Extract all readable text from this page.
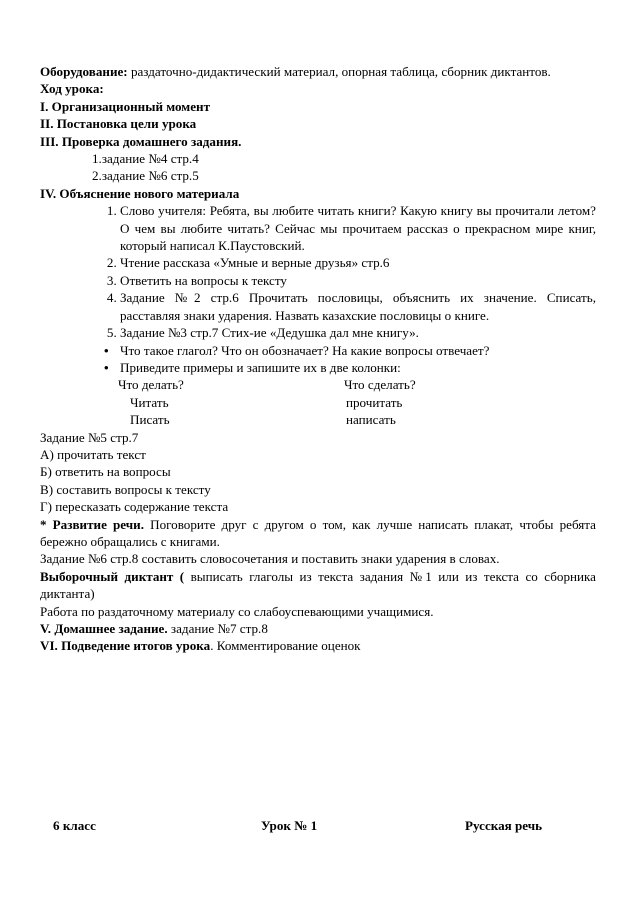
Оборудование: раздаточно-дидактический материал, опорная таблица, сборник диктантов.

Ход урока:

I. Организационный момент

II. Постановка цели урока

III. Проверка домашнего задания.

1.задание №4 стр.4

2.задание №6 стр.5

IV. Объяснение нового материала

1. Слово учителя: Ребята, вы любите читать книги? Какую книгу вы прочитали летом? О чем вы любите читать? Сейчас мы прочитаем рассказ о прекрасном мире книг, который написал К.Паустовский.
2. Чтение рассказа «Умные и верные друзья» стр.6
3. Ответить на вопросы к тексту
4. Задание №2 стр.6 Прочитать пословицы, объяснить их значение. Списать, расставляя знаки ударения. Назвать казахские пословицы о книге.
5. Задание №3 стр.7 Стих-ие «Дедушка дал мне книгу».
• Что такое глагол? Что он обозначает? На какие вопросы отвечает?
• Приведите примеры и запишите их в две колонки:
Что делать?	Что сделать?
Читать	прочитать
Писать	написать

Задание №5 стр.7

А) прочитать текст

Б) ответить на вопросы

В) составить вопросы к тексту

Г) пересказать содержание текста

* Развитие речи. Поговорите друг с другом о том, как лучше написать плакат, чтобы ребята бережно обращались с книгами.

Задание №6 стр.8 составить словосочетания и поставить знаки ударения в словах.

Выборочный диктант ( выписать глаголы из текста задания №1 или из текста со сборника диктанта)

Работа по раздаточному материалу со слабоуспевающими учащимися.

V. Домашнее задание. задание №7 стр.8

VI. Подведение итогов урока. Комментирование оценок

6 класс	Урок № 1	Русская речь
